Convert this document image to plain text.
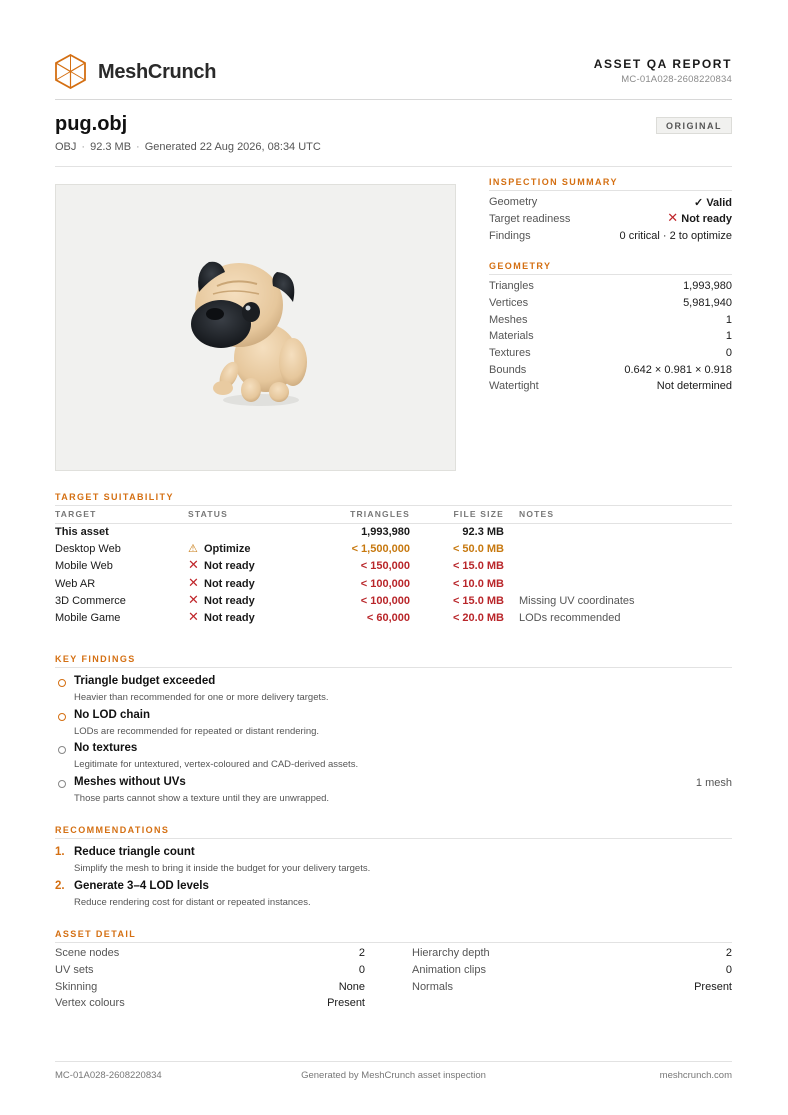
MeshCrunch	ASSET QA REPORT
MC-01A028-2608220834
pug.obj
OBJ · 92.3 MB · Generated 22 Aug 2026, 08:34 UTC
ORIGINAL
INSPECTION SUMMARY
Geometry	✓ Valid
Target readiness	✕ Not ready
Findings	0 critical · 2 to optimize
GEOMETRY
Triangles	1,993,980
Vertices	5,981,940
Meshes	1
Materials	1
Textures	0
Bounds	0.642 × 0.981 × 0.918
Watertight	Not determined
TARGET SUITABILITY
TARGET	STATUS	TRIANGLES	FILE SIZE	NOTES
This asset		1,993,980	92.3 MB	
Desktop Web	⚠ Optimize	< 1,500,000	< 50.0 MB	
Mobile Web	✕ Not ready	< 150,000	< 15.0 MB	
Web AR	✕ Not ready	< 100,000	< 10.0 MB	
3D Commerce	✕ Not ready	< 100,000	< 15.0 MB	Missing UV coordinates
Mobile Game	✕ Not ready	< 60,000	< 20.0 MB	LODs recommended
KEY FINDINGS
Triangle budget exceeded
Heavier than recommended for one or more delivery targets.
No LOD chain
LODs are recommended for repeated or distant rendering.
No textures
Legitimate for untextured, vertex-coloured and CAD-derived assets.
Meshes without UVs
Those parts cannot show a texture until they are unwrapped.
1 mesh
RECOMMENDATIONS
1. Reduce triangle count
Simplify the mesh to bring it inside the budget for your delivery targets.
2. Generate 3–4 LOD levels
Reduce rendering cost for distant or repeated instances.
ASSET DETAIL
Scene nodes	2
UV sets	0
Skinning	None
Vertex colours	Present
Hierarchy depth	2
Animation clips	0
Normals	Present
MC-01A028-2608220834	Generated by MeshCrunch asset inspection	meshcrunch.com
